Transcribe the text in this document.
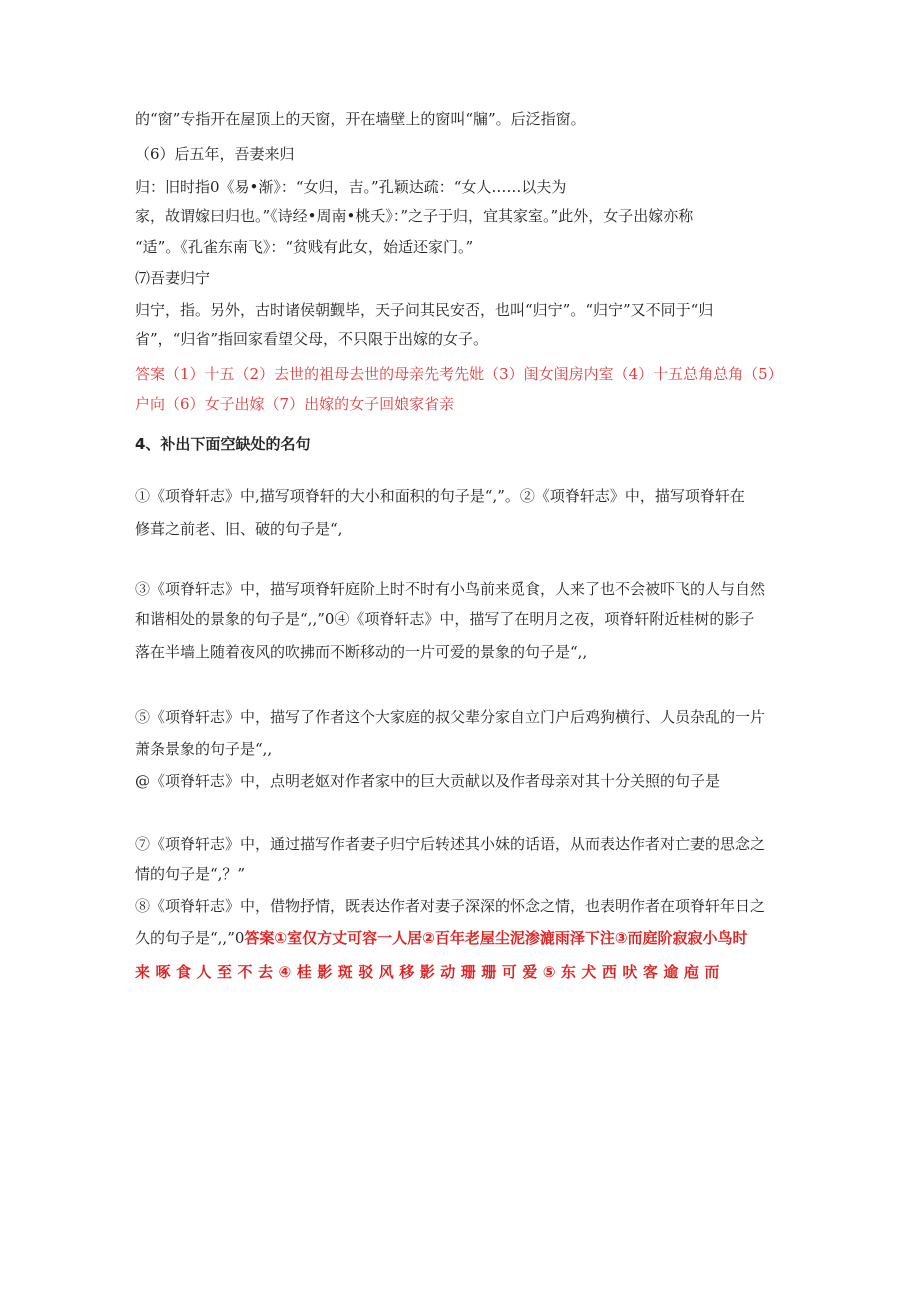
的“窗”专指开在屋顶上的天窗，开在墙壁上的窗叫“牖”。后泛指窗。
（6）后五年，吾妻来归
归：旧时指0《易•渐》：“女归，吉。”孔颖达疏：“女人……以夫为
家，故谓嫁曰归也。”《诗经•周南•桃夭》：”之子于归，宜其家室。”此外，女子出嫁亦称
“适”。《孔雀东南飞》：“贫贱有此女，始适还家门。”
⑺吾妻归宁
归宁，指。另外，古时诸侯朝觐毕，天子问其民安否，也叫“归宁”。“归宁”又不同于“归
省”，“归省”指回家看望父母，不只限于出嫁的女子。
答案（1）十五（2）去世的祖母去世的母亲先考先妣（3）闺女闺房内室（4）十五总角总角（5）
户向（6）女子出嫁（7）出嫁的女子回娘家省亲
4、补出下面空缺处的名句
①《项脊轩志》中,描写项脊轩的大小和面积的句子是“,”。②《项脊轩志》中，描写项脊轩在
修葺之前老、旧、破的句子是“,
③《项脊轩志》中，描写项脊轩庭阶上时不时有小鸟前来觅食，人来了也不会被吓飞的人与自然
和谐相处的景象的句子是“,,”0④《项脊轩志》中，描写了在明月之夜，项脊轩附近桂树的影子
落在半墙上随着夜风的吹拂而不断移动的一片可爱的景象的句子是“,,
⑤《项脊轩志》中，描写了作者这个大家庭的叔父辈分家自立门户后鸡狗横行、人员杂乱的一片
萧条景象的句子是“,,
@《项脊轩志》中，点明老妪对作者家中的巨大贡献以及作者母亲对其十分关照的句子是
⑦《项脊轩志》中，通过描写作者妻子归宁后转述其小妹的话语，从而表达作者对亡妻的思念之
情的句子是“,？”
⑧《项脊轩志》中，借物抒情，既表达作者对妻子深深的怀念之情，也表明作者在项脊轩年日之
久的句子是“,,”0答案①室仅方丈可容一人居②百年老屋尘泥渗漉雨泽下注③而庭阶寂寂小鸟时
来啄食人至不去④桂影斑驳风移影动珊珊可爱⑤东犬西吠客逾庖而
